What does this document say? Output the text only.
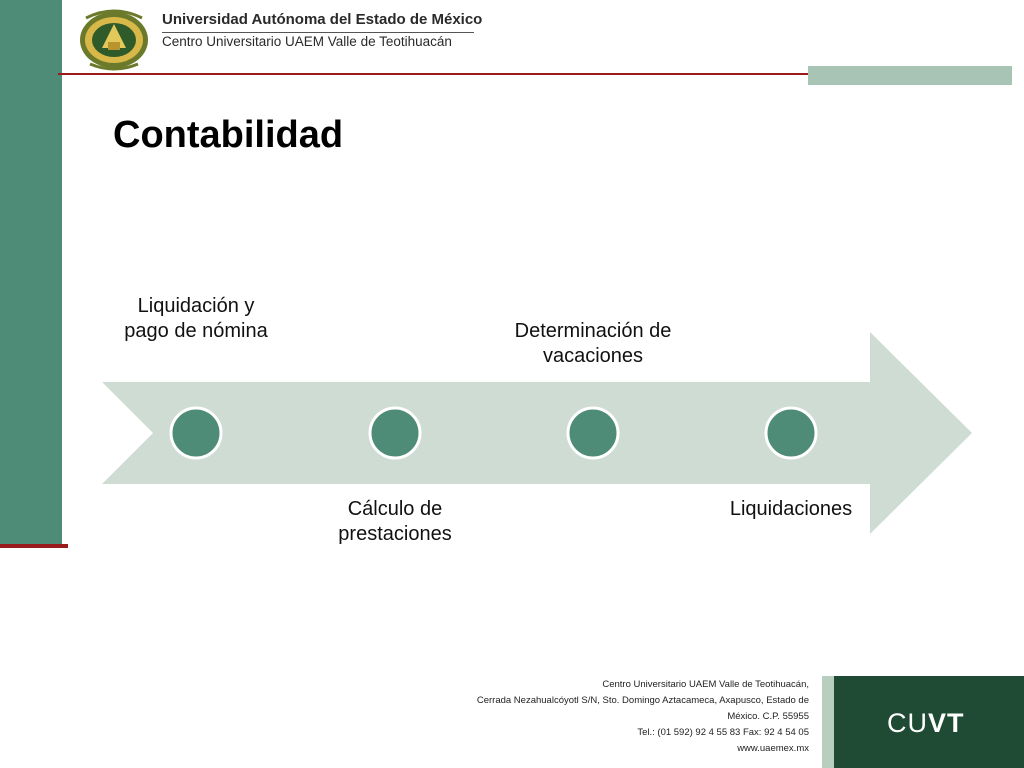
Universidad Autónoma del Estado de México
Centro Universitario UAEM Valle de Teotihuacán
Contabilidad
Liquidación y pago de nómina
Cálculo de prestaciones
Determinación de vacaciones
Liquidaciones
Centro Universitario UAEM Valle de Teotihuacán,
Cerrada Nezahualcóyotl S/N, Sto. Domingo Aztacameca, Axapusco, Estado de
México. C.P. 55955
Tel.: (01 592) 92 4 55 83 Fax: 92 4 54 05
www.uaemex.mx
CUVT
